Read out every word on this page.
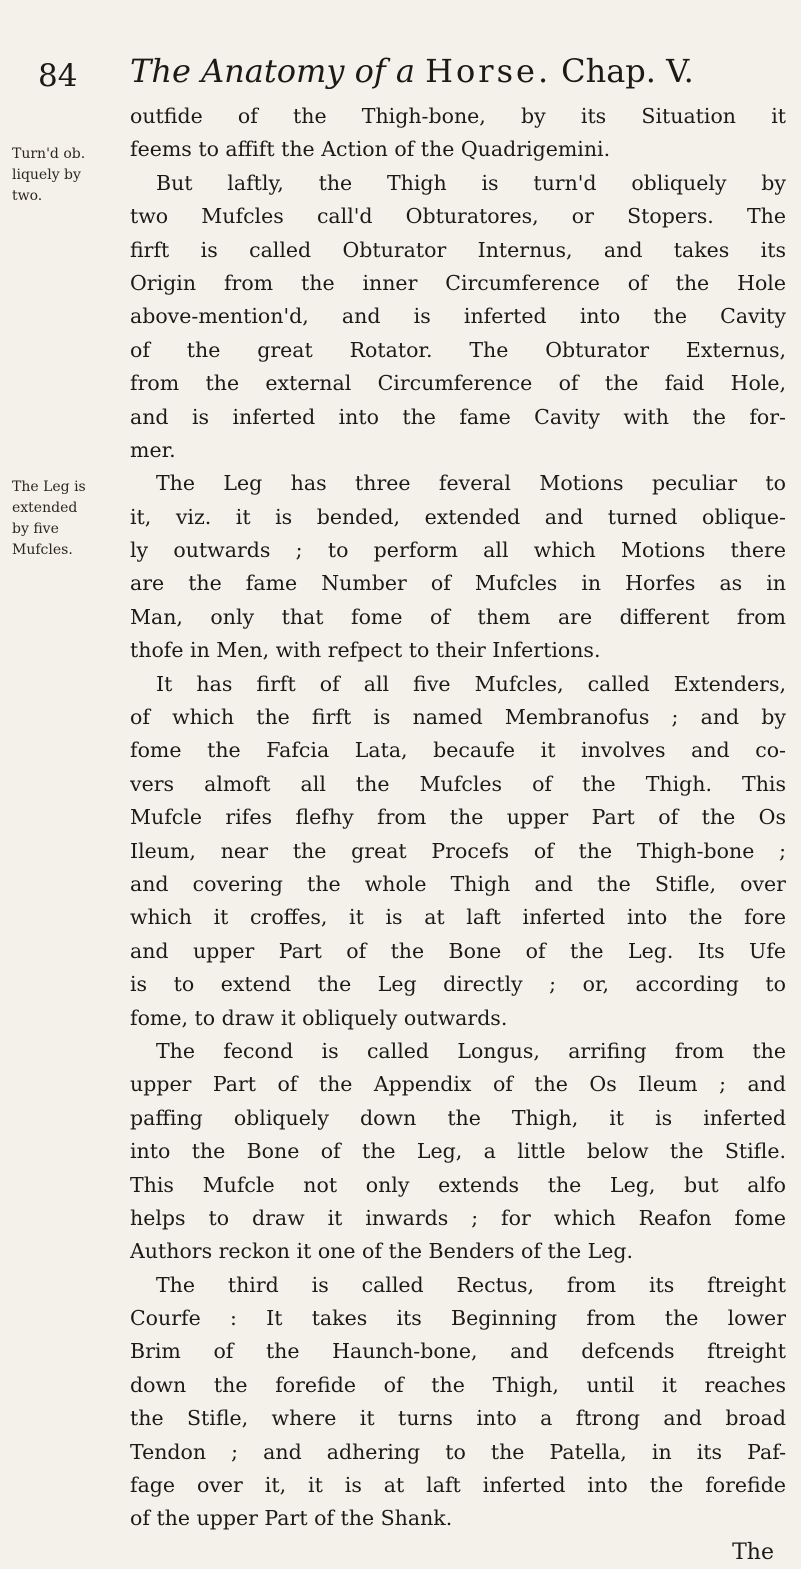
84 The Anatomy of a Horse. Chap. V.
Turn'd ob. liquely by two.
The Leg is extended by five Mufcles.
outfide of the Thigh-bone, by its Situation it
feems to affift the Action of the Quadrigemini.
But laftly, the Thigh is turn'd obliquely by
two Mufcles call'd Obturatores, or Stopers. The
firft is called Obturator Internus, and takes its
Origin from the inner Circumference of the Hole
above-mention'd, and is inferted into the Cavity
of the great Rotator. The Obturator Externus,
from the external Circumference of the faid Hole,
and is inferted into the fame Cavity with the for-
mer.
The Leg has three feveral Motions peculiar to
it, viz. it is bended, extended and turned oblique-
ly outwards ; to perform all which Motions there
are the fame Number of Mufcles in Horfes as in
Man, only that fome of them are different from
thofe in Men, with refpect to their Infertions.
It has firft of all five Mufcles, called Extenders,
of which the firft is named Membranofus ; and by
fome the Fafcia Lata, becaufe it involves and co-
vers almoft all the Mufcles of the Thigh. This
Mufcle rifes flefhy from the upper Part of the Os
Ileum, near the great Procefs of the Thigh-bone ;
and covering the whole Thigh and the Stifle, over
which it croffes, it is at laft inferted into the fore
and upper Part of the Bone of the Leg. Its Ufe
is to extend the Leg directly ; or, according to
fome, to draw it obliquely outwards.
The fecond is called Longus, arrifing from the
upper Part of the Appendix of the Os Ileum ; and
paffing obliquely down the Thigh, it is inferted
into the Bone of the Leg, a little below the Stifle.
This Mufcle not only extends the Leg, but alfo
helps to draw it inwards ; for which Reafon fome
Authors reckon it one of the Benders of the Leg.
The third is called Rectus, from its ftreight
Courfe : It takes its Beginning from the lower
Brim of the Haunch-bone, and defcends ftreight
down the forefide of the Thigh, until it reaches
the Stifle, where it turns into a ftrong and broad
Tendon ; and adhering to the Patella, in its Paf-
fage over it, it is at laft inferted into the forefide
of the upper Part of the Shank.
The
